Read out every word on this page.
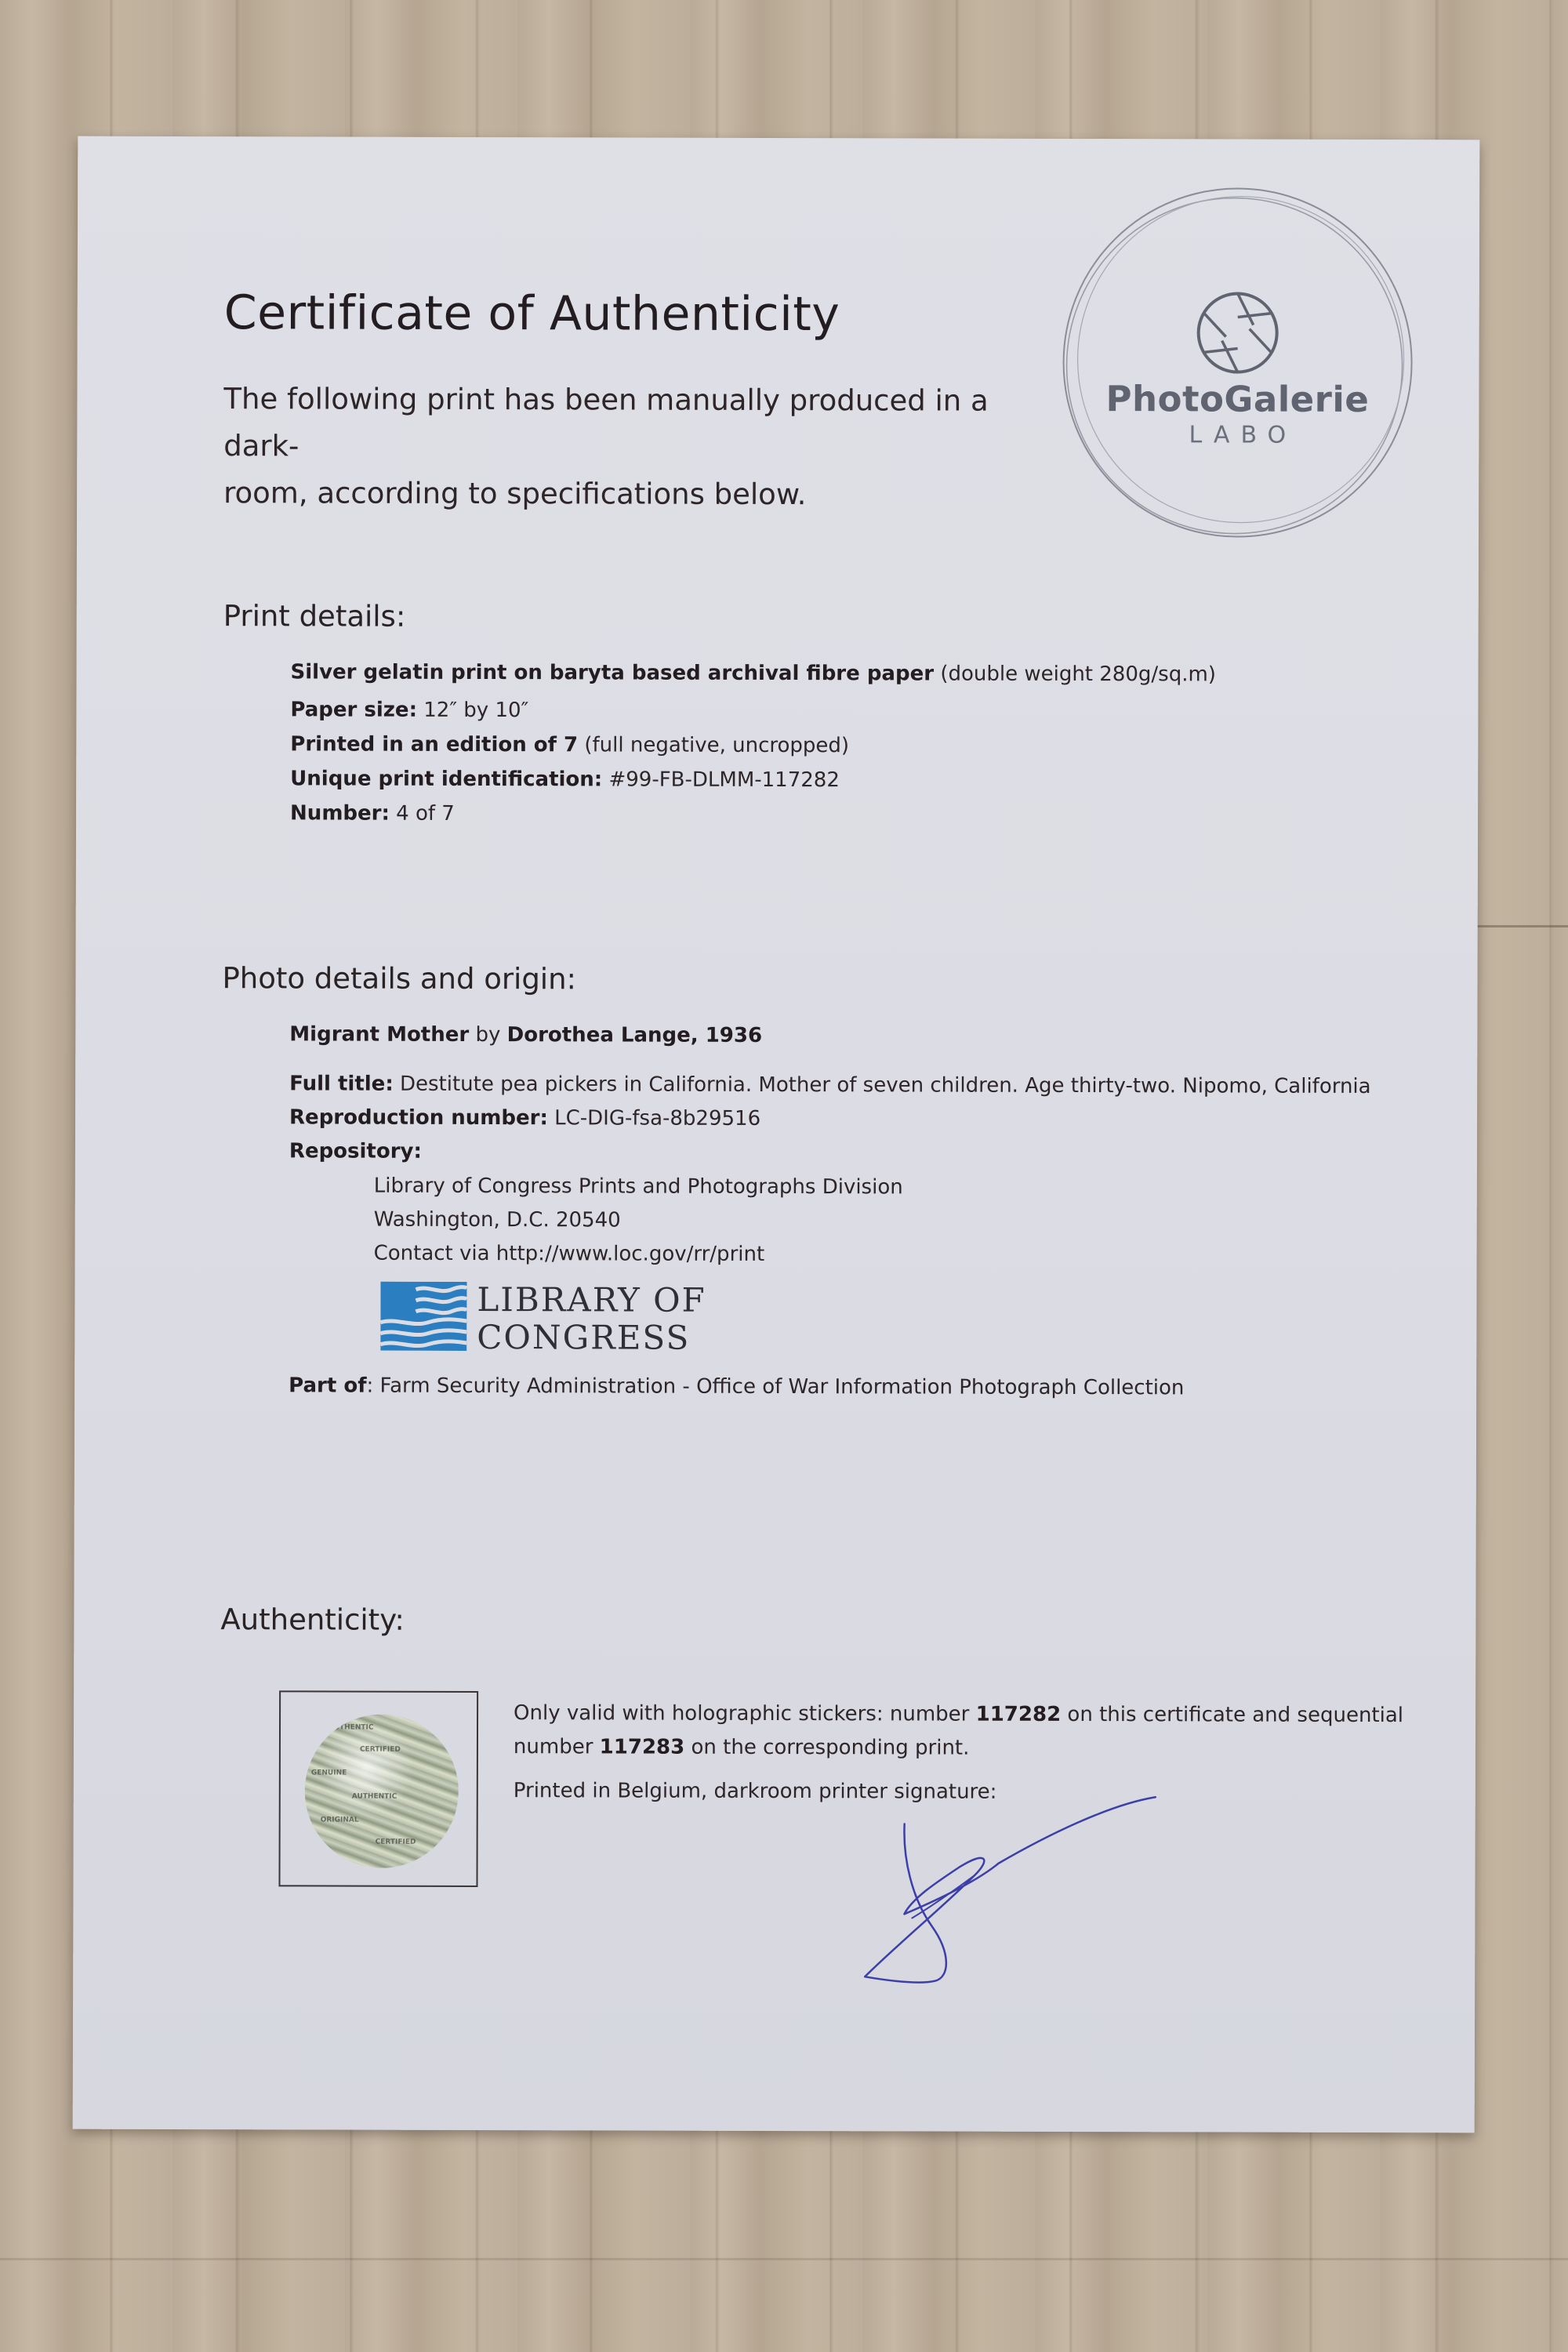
Certificate of Authenticity

The following print has been manually produced in a dark-
room, according to specifications below.

PhotoGalerie
LABO
Print details:
Silver gelatin print on baryta based archival fibre paper (double weight 280g/sq.m)
Paper size: 12″ by 10″
Printed in an edition of 7 (full negative, uncropped)
Unique print identification: #99-FB-DLMM-117282
Number: 4 of 7
Photo details and origin:
Migrant Mother by Dorothea Lange, 1936
Full title: Destitute pea pickers in California. Mother of seven children. Age thirty-two. Nipomo, California
Reproduction number: LC-DIG-fsa-8b29516
Repository:
Library of Congress Prints and Photographs Division
Washington, D.C. 20540
Contact via http://www.loc.gov/rr/print
LIBRARY OF
CONGRESS
Part of: Farm Security Administration - Office of War Information Photograph Collection
Authenticity:
AUTHENTIC
CERTIFIED
GENUINE
AUTHENTIC
ORIGINAL
CERTIFIED
Only valid with holographic stickers: number 117282 on this certificate and sequential
number 117283 on the corresponding print.
Printed in Belgium, darkroom printer signature:
